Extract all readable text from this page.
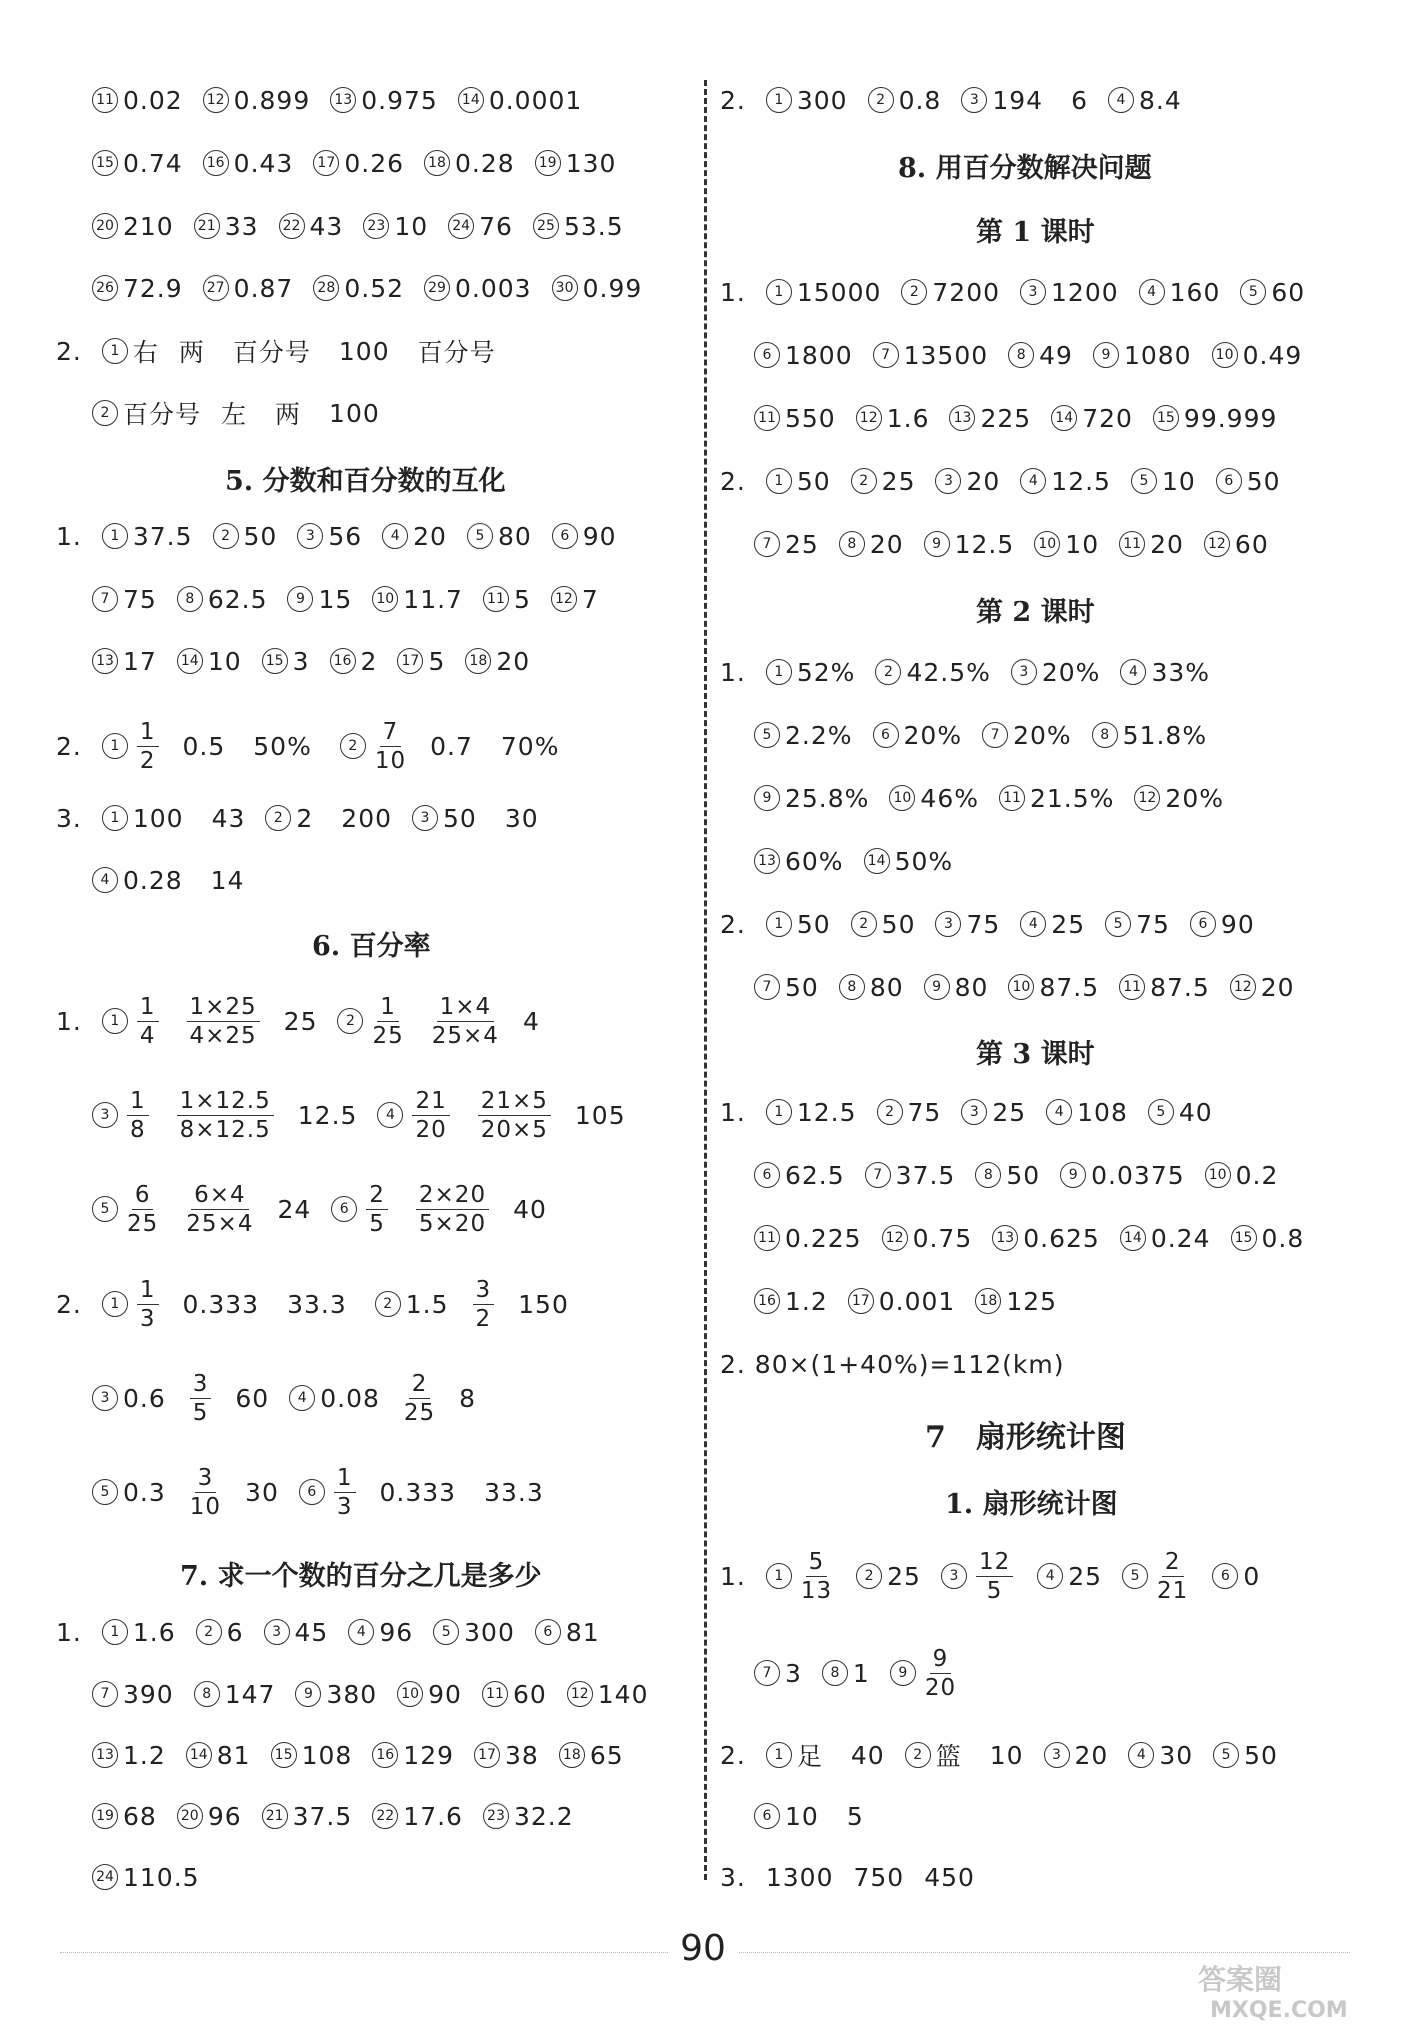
11 0.02 12 0.899 13 0.975 14 0.0001
15 0.74 16 0.43 17 0.26 18 0.28 19 130
20 210 21 33 22 43 23 10 24 76 25 53.5
26 72.9 27 0.87 28 0.52 29 0.003 30 0.99
2.	1 右 两 百分号 100 百分号
2 百分号 左 两 100
5. 分数和百分数的互化
1.	1 37.5	2 50	3 56	4 20	5 80	6 90
7 75	8 62.5	9 15 10 11.7 11 5 12 7
13 17 14 10 15 3 16 2 17 5 18 20
2.	$1 \frac{1}{2} 0.5$ 50%	$2 \frac{7}{10} 0.7$ 70%
3.	1 100 43	2 2 200	3 50 30
4 0.28 14
6. 百分率
1.	$1 \frac{1}{4} \frac{1\times 25}{4\times 25} 25$	$2 \frac{1}{25} \frac{1\times 4}{25\times 4} 4$
$3 \frac{1}{8} \frac{1\times 12.5}{8\times 12.5} 12.5$	$4 \frac{21}{20} \frac{21\times 5}{20\times 5} 105$
$5 \frac{6}{25} \frac{6\times 4}{25\times 4} 24$	$6 \frac{2}{5} \frac{2\times 20}{5\times 20} 40$
2.	$1 \frac{1}{3} 0.333$ 33.3	2 $1.5 \frac{3}{2} 150$
3 $0.6 \frac{3}{5} 60$	4 $0.08 \frac{2}{25} 8$
5 $0.3 \frac{3}{10} 30$	$6 \frac{1}{3} 0.333$ 33.3
7. 求一个数的百分之几是多少
1.	1 1.6	2 6	3 45	4 96	5 300	6 81
7 390	8 147	9 380 10 90 11 60 12 140
13 1.2 14 81 15 108 16 129 17 38 18 65
19 68 20 96 21 37.5 22 17.6 23 32.2
24 110.5
2.	1 300	2 0.8	3 194 6	4 8.4
8. 用百分数解决问题
第 1 课时
1.	1 15000	2 7200	3 1200	4 160	5 60
6 1800	7 13500	8 49	9 1080 10 0.49
11 550 12 1.6 13 225 14 720 15 99.999
2.	1 50	2 25	3 20	4 12.5	5 10	6 50
7 25	8 20	9 12.5 10 10 11 20 12 60
第 2 课时
1.	1 52%	2 42.5%	3 20%	4 33%
5 2.2%	6 20%	7 20%	8 51.8%
9 25.8% 10 46% 11 21.5% 12 20%
13 60% 14 50%
2.	1 50	2 50	3 75	4 25	5 75	6 90
7 50	8 80	9 80 10 87.5 11 87.5 12 20
第 3 课时
1.	1 12.5	2 75	3 25	4 108	5 40
6 62.5	7 37.5	8 50	9 0.0375 10 0.2
11 0.225 12 0.75 13 0.625 14 0.24 15 0.8
16 1.2 17 0.001 18 125
2. 80×(1+40%)=112(km)
7　扇形统计图
1. 扇形统计图
1.	$1 \frac{5}{13}$	2 25	$3 \frac{12}{5}$	4 25	$5 \frac{2}{21}$	6 0
7 3	8 1	$9 \frac{9}{20}$
2.	1 足 40	2 篮 10	3 20	4 30	5 50
6 10 5
3. 1300 750 450
90
答案圈
MXQE.COM
